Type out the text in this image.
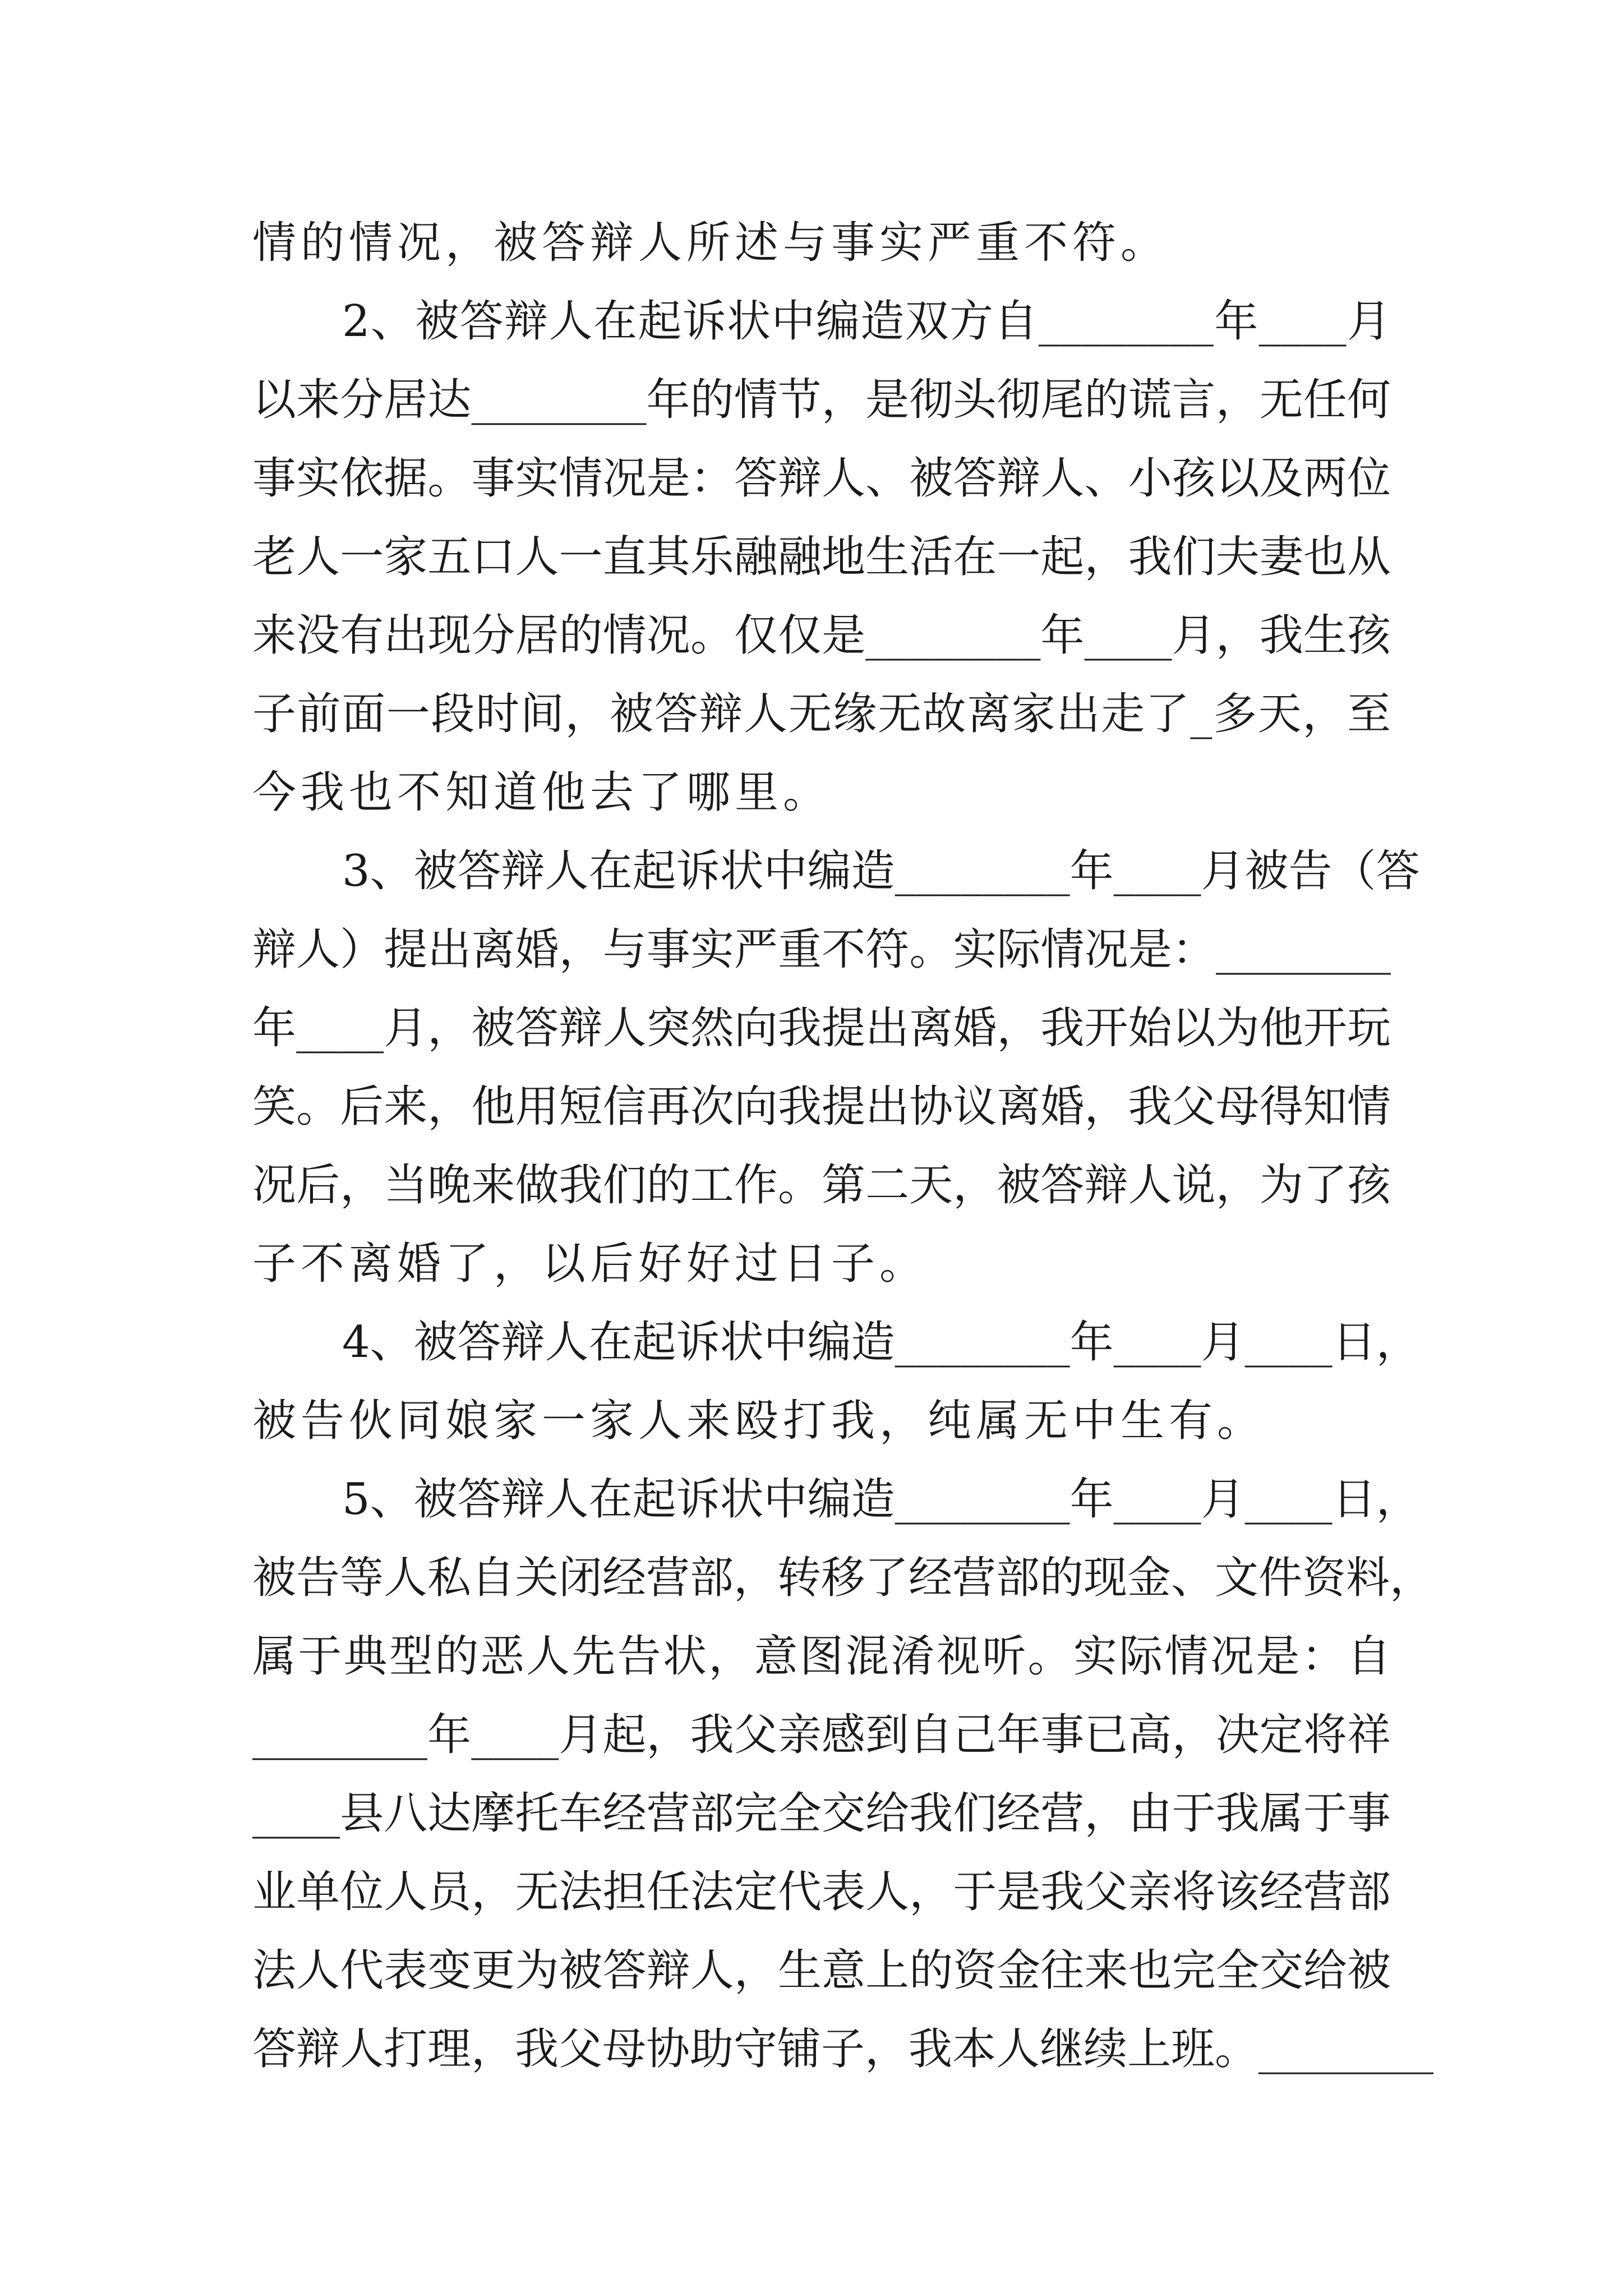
情的情况，被答辩人所述与事实严重不符。
2、被答辩人在起诉状中编造双方自________年____月
以来分居达________年的情节，是彻头彻尾的谎言，无任何
事实依据。事实情况是：答辩人、被答辩人、小孩以及两位
老人一家五口人一直其乐融融地生活在一起，我们夫妻也从
来没有出现分居的情况。仅仅是________年____月，我生孩
子前面一段时间，被答辩人无缘无故离家出走了_多天，至
今我也不知道他去了哪里。
3、被答辩人在起诉状中编造________年____月被告（答
辩人）提出离婚，与事实严重不符。实际情况是：________
年____月，被答辩人突然向我提出离婚，我开始以为他开玩
笑。后来，他用短信再次向我提出协议离婚，我父母得知情
况后，当晚来做我们的工作。第二天，被答辩人说，为了孩
子不离婚了，以后好好过日子。
4、被答辩人在起诉状中编造________年____月____日，
被告伙同娘家一家人来殴打我，纯属无中生有。
5、被答辩人在起诉状中编造________年____月____日，
被告等人私自关闭经营部，转移了经营部的现金、文件资料，
属于典型的恶人先告状，意图混淆视听。实际情况是：自
________年____月起，我父亲感到自己年事已高，决定将祥
____县八达摩托车经营部完全交给我们经营，由于我属于事
业单位人员，无法担任法定代表人，于是我父亲将该经营部
法人代表变更为被答辩人，生意上的资金往来也完全交给被
答辩人打理，我父母协助守铺子，我本人继续上班。________
